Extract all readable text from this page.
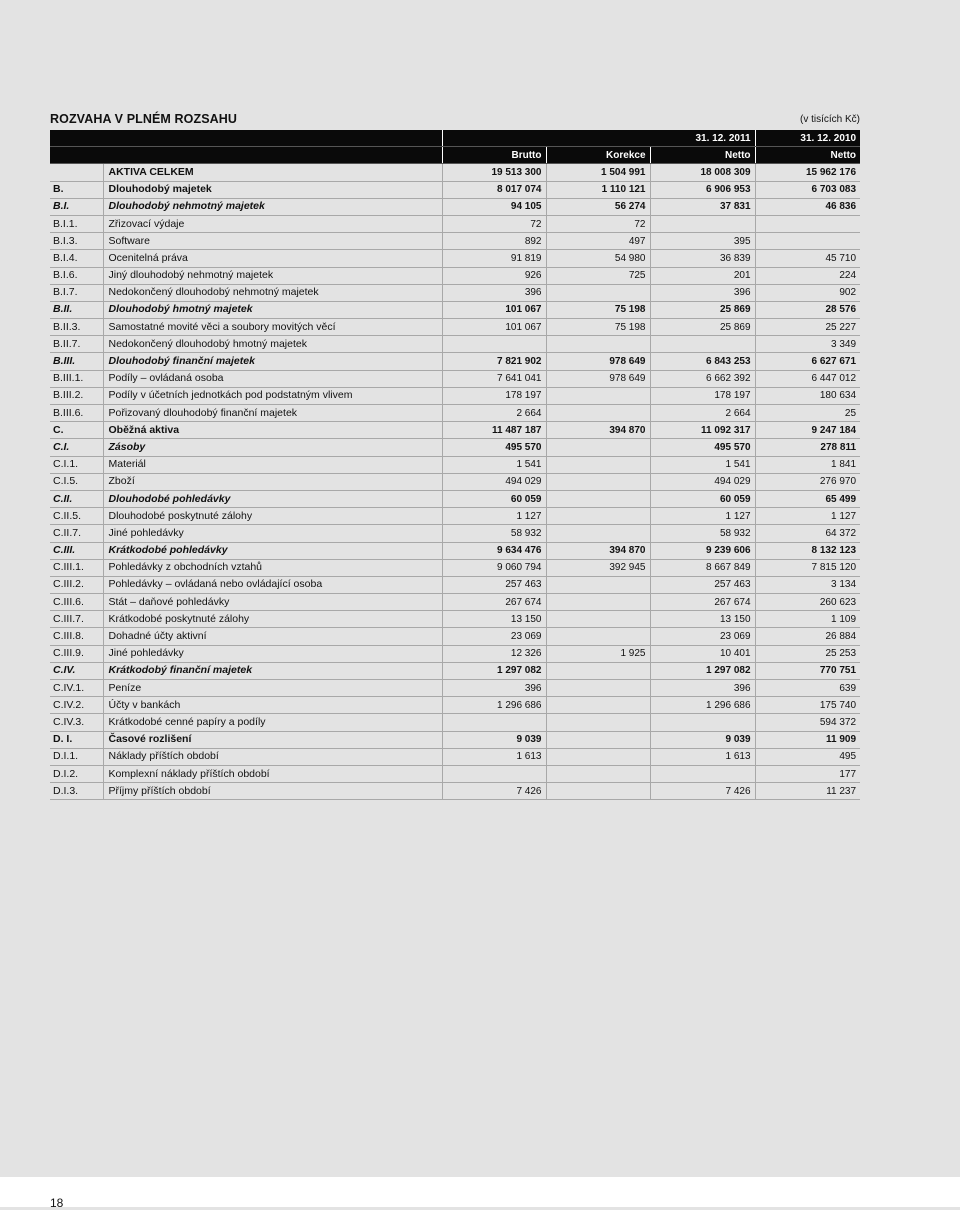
ROZVAHA V PLNÉM ROZSAHU	(v tisících Kč)
		31. 12. 2011			31. 12. 2010
		Brutto	Korekce	Netto	Netto
	AKTIVA CELKEM	19 513 300	1 504 991	18 008 309	15 962 176
B.	Dlouhodobý majetek	8 017 074	1 110 121	6 906 953	6 703 083
B.I.	Dlouhodobý nehmotný majetek	94 105	56 274	37 831	46 836
B.I.1.	Zřizovací výdaje	72	72		
B.I.3.	Software	892	497	395	
B.I.4.	Ocenitelná práva	91 819	54 980	36 839	45 710
B.I.6.	Jiný dlouhodobý nehmotný majetek	926	725	201	224
B.I.7.	Nedokončený dlouhodobý nehmotný majetek	396		396	902
B.II.	Dlouhodobý hmotný majetek	101 067	75 198	25 869	28 576
B.II.3.	Samostatné movité věci a soubory movitých věcí	101 067	75 198	25 869	25 227
B.II.7.	Nedokončený dlouhodobý hmotný majetek				3 349
B.III.	Dlouhodobý finanční majetek	7 821 902	978 649	6 843 253	6 627 671
B.III.1.	Podíly – ovládaná osoba	7 641 041	978 649	6 662 392	6 447 012
B.III.2.	Podíly v účetních jednotkách pod podstatným vlivem	178 197		178 197	180 634
B.III.6.	Pořizovaný dlouhodobý finanční majetek	2 664		2 664	25
C.	Oběžná aktiva	11 487 187	394 870	11 092 317	9 247 184
C.I.	Zásoby	495 570		495 570	278 811
C.I.1.	Materiál	1 541		1 541	1 841
C.I.5.	Zboží	494 029		494 029	276 970
C.II.	Dlouhodobé pohledávky	60 059		60 059	65 499
C.II.5.	Dlouhodobé poskytnuté zálohy	1 127		1 127	1 127
C.II.7.	Jiné pohledávky	58 932		58 932	64 372
C.III.	Krátkodobé pohledávky	9 634 476	394 870	9 239 606	8 132 123
C.III.1.	Pohledávky z obchodních vztahů	9 060 794	392 945	8 667 849	7 815 120
C.III.2.	Pohledávky – ovládaná nebo ovládající osoba	257 463		257 463	3 134
C.III.6.	Stát – daňové pohledávky	267 674		267 674	260 623
C.III.7.	Krátkodobé poskytnuté zálohy	13 150		13 150	1 109
C.III.8.	Dohadné účty aktivní	23 069		23 069	26 884
C.III.9.	Jiné pohledávky	12 326	1 925	10 401	25 253
C.IV.	Krátkodobý finanční majetek	1 297 082		1 297 082	770 751
C.IV.1.	Peníze	396		396	639
C.IV.2.	Účty v bankách	1 296 686		1 296 686	175 740
C.IV.3.	Krátkodobé cenné papíry a podíly				594 372
D. I.	Časové rozlišení	9 039		9 039	11 909
D.I.1.	Náklady příštích období	1 613		1 613	495
D.I.2.	Komplexní náklady příštích období				177
D.I.3.	Příjmy příštích období	7 426		7 426	11 237
18
